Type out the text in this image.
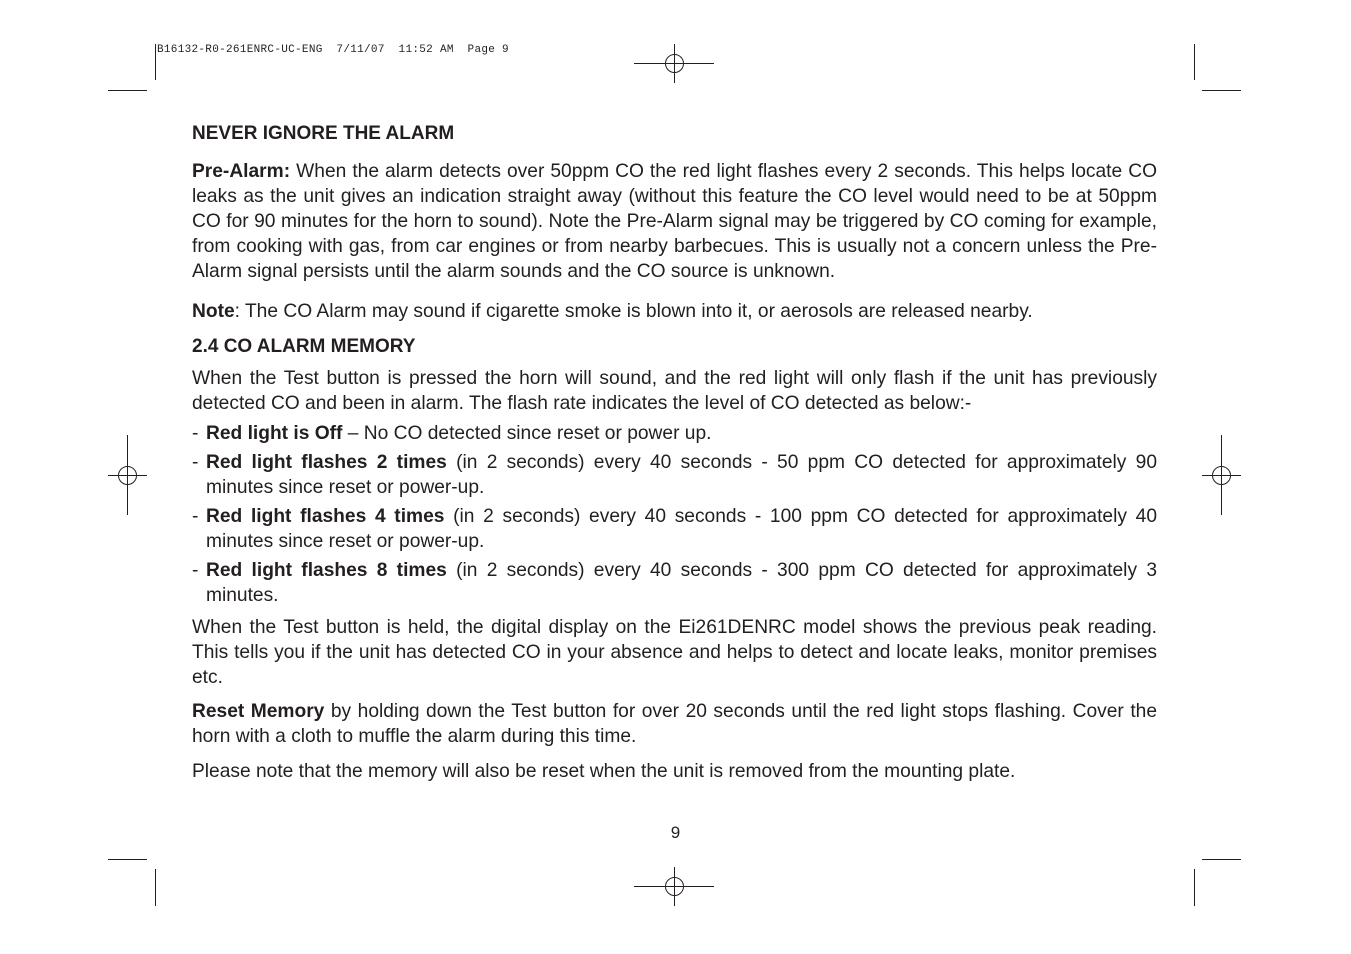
B16132-R0-261ENRC-UC-ENG  7/11/07  11:52 AM  Page 9
NEVER IGNORE THE ALARM

Pre-Alarm: When the alarm detects over 50ppm CO the red light flashes every 2 seconds. This helps locate CO leaks as the unit gives an indication straight away (without this feature the CO level would need to be at 50ppm CO for 90 minutes for the horn to sound). Note the Pre-Alarm signal may be triggered by CO coming for example, from cooking with gas, from car engines or from nearby barbecues. This is usually not a concern unless the Pre-Alarm signal persists until the alarm sounds and the CO source is unknown.

Note: The CO Alarm may sound if cigarette smoke is blown into it, or aerosols are released nearby.

2.4 CO ALARM MEMORY

When the Test button is pressed the horn will sound, and the red light will only flash if the unit has previously detected CO and been in alarm. The flash rate indicates the level of CO detected as below:-

- Red light is Off – No CO detected since reset or power up.
- Red light flashes 2 times (in 2 seconds) every 40 seconds - 50 ppm CO detected for approximately 90 minutes since reset or power-up.
- Red light flashes 4 times (in 2 seconds) every 40 seconds - 100 ppm CO detected for approximately 40 minutes since reset or power-up.
- Red light flashes 8 times (in 2 seconds) every 40 seconds - 300 ppm CO detected for approximately 3 minutes.

When the Test button is held, the digital display on the Ei261DENRC model shows the previous peak reading. This tells you if the unit has detected CO in your absence and helps to detect and locate leaks, monitor premises etc.

Reset Memory by holding down the Test button for over 20 seconds until the red light stops flashing. Cover the horn with a cloth to muffle the alarm during this time.

Please note that the memory will also be reset when the unit is removed from the mounting plate.

9
